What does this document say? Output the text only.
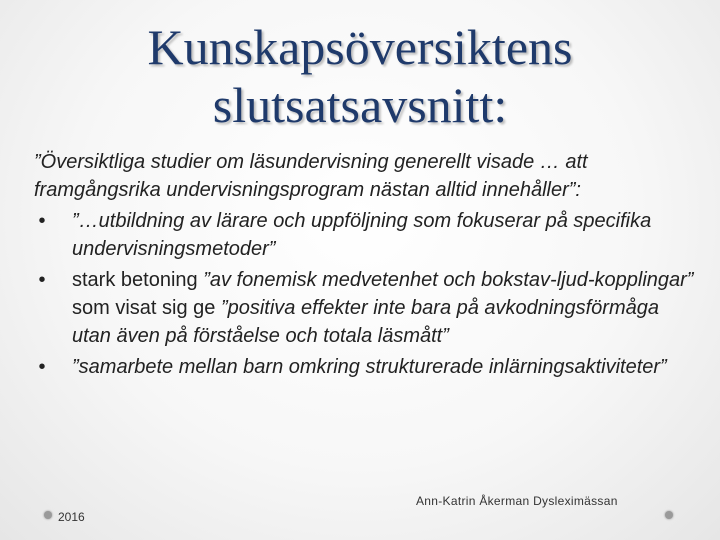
Kunskapsöversiktens
slutsatsavsnitt:

”Översiktliga studier om läsundervisning generellt visade … att framgångsrika undervisningsprogram nästan alltid innehåller”:

• ”…utbildning av lärare och uppföljning som fokuserar på specifika undervisningsmetoder”
• stark betoning ”av fonemisk medvetenhet och bokstav-ljud-kopplingar” som visat sig ge ”positiva effekter inte bara på avkodningsförmåga utan även på förståelse och totala läsmått”
• ”samarbete mellan barn omkring strukturerade inlärningsaktiviteter”
2016
Ann-Katrin Åkerman Dysleximässan
